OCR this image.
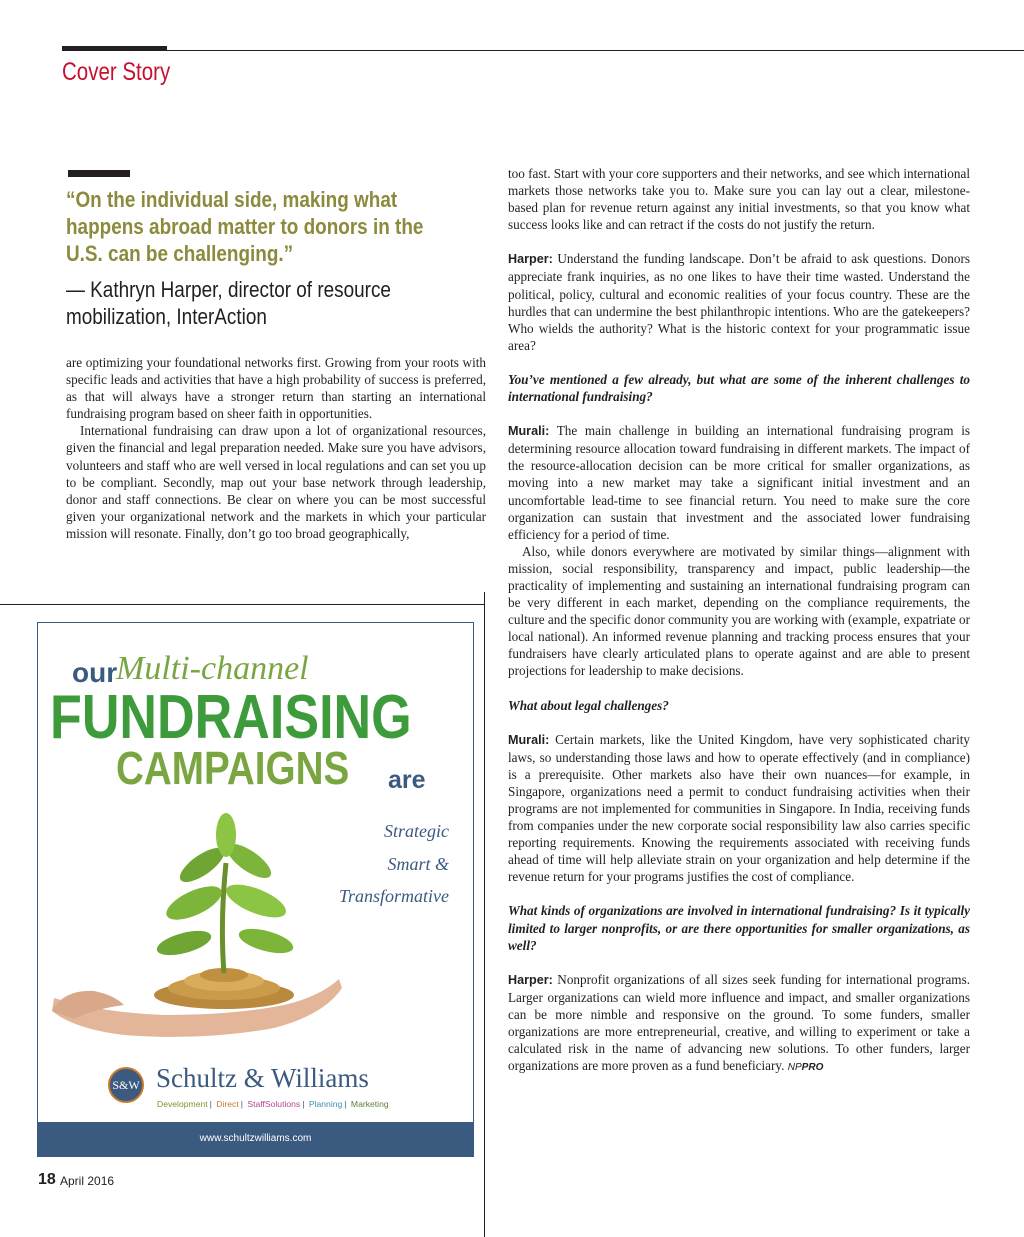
Cover Story
“On the individual side, making what happens abroad matter to donors in the U.S. can be challenging.”
— Kathryn Harper, director of resource mobilization, InterAction

are optimizing your foundational networks first. Growing from your roots with specific leads and activities that have a high probability of success is preferred, as that will always have a stronger return than starting an international fundraising program based on sheer faith in opportunities.

International fundraising can draw upon a lot of organizational resources, given the financial and legal preparation needed. Make sure you have advisors, volunteers and staff who are well versed in local regulations and can set you up to be compliant. Secondly, map out your base network through leadership, donor and staff connections. Be clear on where you can be most successful given your organizational network and the markets in which your particular mission will resonate. Finally, don’t go too broad geographically,

too fast. Start with your core supporters and their networks, and see which international markets those networks take you to. Make sure you can lay out a clear, milestone-based plan for revenue return against any initial investments, so that you know what success looks like and can retract if the costs do not justify the return.

Harper: Understand the funding landscape. Don’t be afraid to ask questions. Donors appreciate frank inquiries, as no one likes to have their time wasted. Understand the political, policy, cultural and economic realities of your focus country. These are the hurdles that can undermine the best philanthropic intentions. Who are the gatekeepers? Who wields the authority? What is the historic context for your programmatic issue area?

You’ve mentioned a few already, but what are some of the inherent challenges to international fundraising?

Murali: The main challenge in building an international fundraising program is determining resource allocation toward fundraising in different markets. The impact of the resource-allocation decision can be more critical for smaller organizations, as moving into a new market may take a significant initial investment and an uncomfortable lead-time to see financial return. You need to make sure the core organization can sustain that investment and the associated lower fundraising efficiency for a period of time.

Also, while donors everywhere are motivated by similar things—alignment with mission, social responsibility, transparency and impact, public leadership—the practicality of implementing and sustaining an international fundraising program can be very different in each market, depending on the compliance requirements, the culture and the specific donor community you are working with (example, expatriate or local national). An informed revenue planning and tracking process ensures that your fundraisers have clearly articulated plans to operate against and are able to present projections for leadership to make decisions.

What about legal challenges?

Murali: Certain markets, like the United Kingdom, have very sophisticated charity laws, so understanding those laws and how to operate effectively (and in compliance) is a prerequisite. Other markets also have their own nuances—for example, in Singapore, organizations need a permit to conduct fundraising activities when their programs are not implemented for communities in Singapore. In India, receiving funds from companies under the new corporate social responsibility law also carries specific reporting requirements. Knowing the requirements associated with receiving funds ahead of time will help alleviate strain on your organization and help determine if the revenue return for your programs justifies the cost of compliance.

What kinds of organizations are involved in international fundraising? Is it typically limited to larger nonprofits, or are there opportunities for smaller organizations, as well?

Harper: Nonprofit organizations of all sizes seek funding for international programs. Larger organizations can wield more influence and impact, and smaller organizations can be more nimble and responsive on the ground. To some funders, smaller organizations are more entrepreneurial, creative, and willing to experiment or take a calculated risk in the name of advancing new solutions. To other funders, larger organizations are more proven as a fund beneficiary. NPPRO

our
Multi-channel
FUNDRAISING
CAMPAIGNS are
Strategic
Smart &
Transformative
S&W Schultz & Williams
Development | Direct | StaffSolutions | Planning | Marketing
www.schultzwilliams.com
18 April 2016
